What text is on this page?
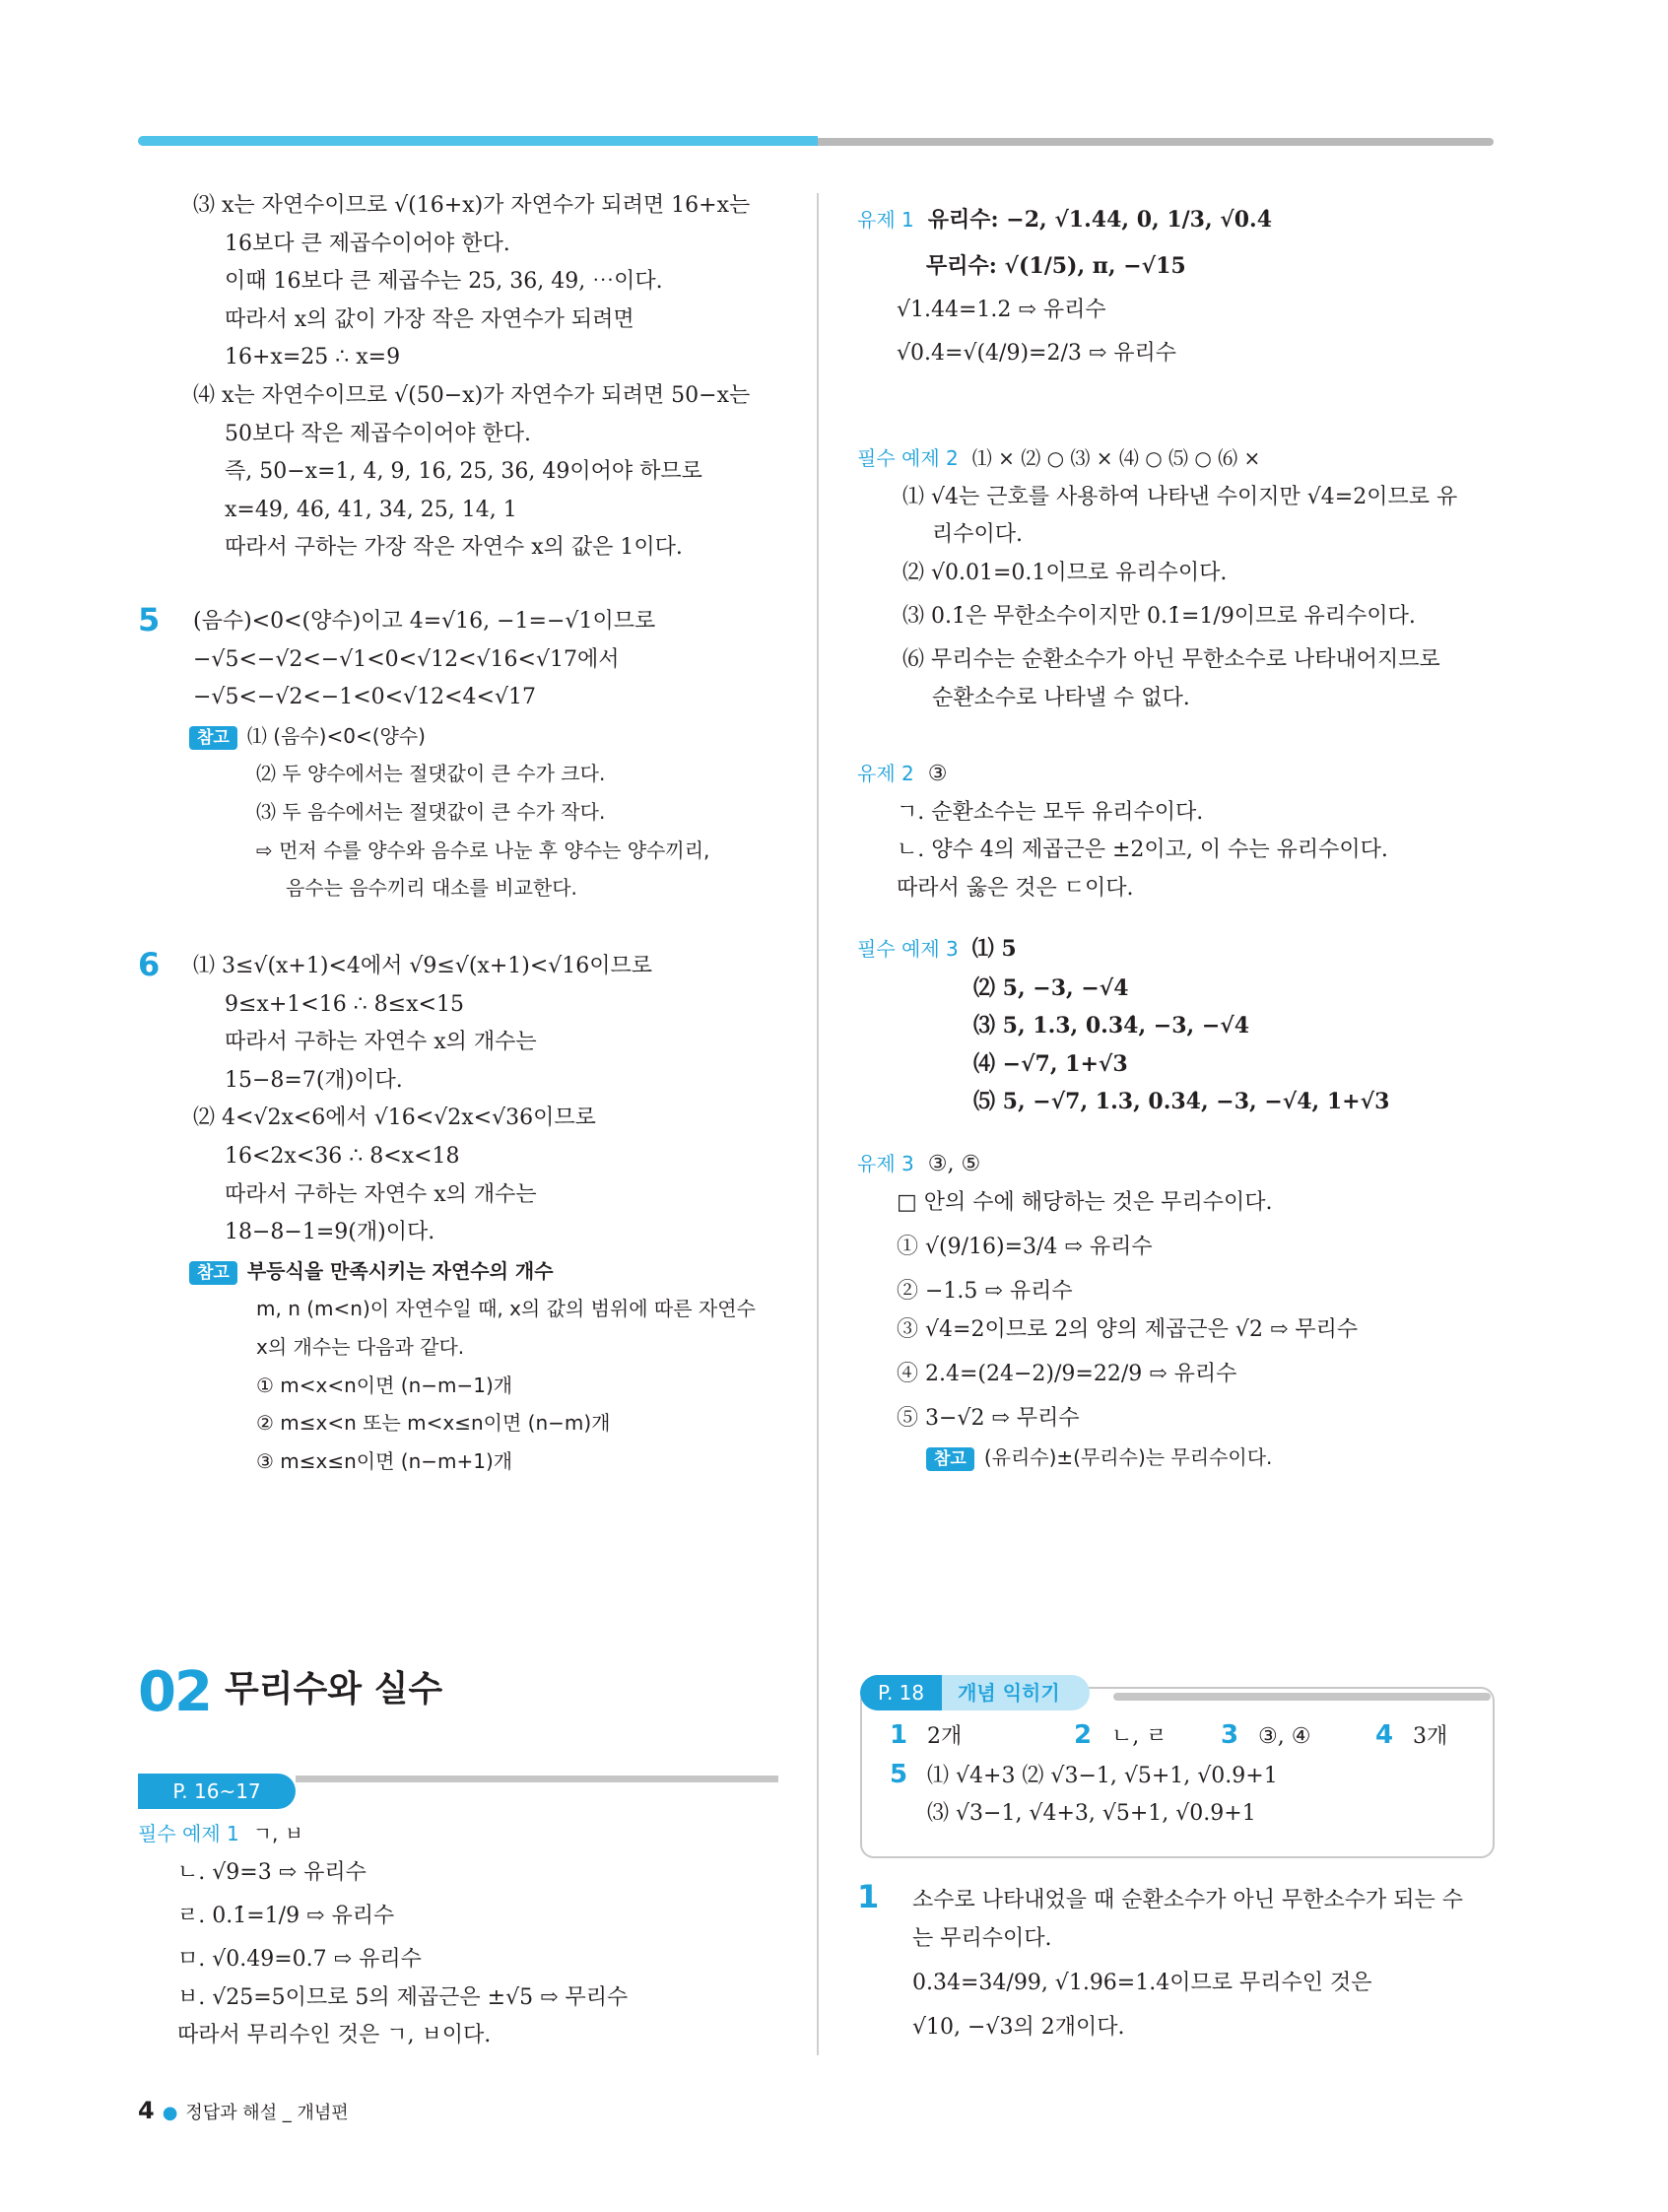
⑶ x는 자연수이므로 √(16+x)가 자연수가 되려면 16+x는
16보다 큰 제곱수이어야 한다.
이때 16보다 큰 제곱수는 25, 36, 49, ⋯이다.
따라서 x의 값이 가장 작은 자연수가 되려면
16+x=25 ∴ x=9
⑷ x는 자연수이므로 √(50−x)가 자연수가 되려면 50−x는
50보다 작은 제곱수이어야 한다.
즉, 50−x=1, 4, 9, 16, 25, 36, 49이어야 하므로
x=49, 46, 41, 34, 25, 14, 1
따라서 구하는 가장 작은 자연수 x의 값은 1이다.
5 (음수)<0<(양수)이고 4=√16, −1=−√1이므로
−√5<−√2<−√1<0<√12<√16<√17에서
−√5<−√2<−1<0<√12<4<√17
참고 ⑴ (음수)<0<(양수)
⑵ 두 양수에서는 절댓값이 큰 수가 크다.
⑶ 두 음수에서는 절댓값이 큰 수가 작다.
⇨ 먼저 수를 양수와 음수로 나눈 후 양수는 양수끼리,
음수는 음수끼리 대소를 비교한다.
6 ⑴ 3≤√(x+1)<4에서 √9≤√(x+1)<√16이므로
9≤x+1<16 ∴ 8≤x<15
따라서 구하는 자연수 x의 개수는
15−8=7(개)이다.
⑵ 4<√2x<6에서 √16<√2x<√36이므로
16<2x<36 ∴ 8<x<18
따라서 구하는 자연수 x의 개수는
18−8−1=9(개)이다.
참고 부등식을 만족시키는 자연수의 개수
m, n (m<n)이 자연수일 때, x의 값의 범위에 따른 자연수
x의 개수는 다음과 같다.
① m<x<n이면 (n−m−1)개
② m≤x<n 또는 m<x≤n이면 (n−m)개
③ m≤x≤n이면 (n−m+1)개
02 무리수와 실수
P. 16~17
필수 예제 1 ㄱ, ㅂ
ㄴ. √9=3 ⇨ 유리수
ㄹ. 0.1̇=1/9 ⇨ 유리수
ㅁ. √0.49=0.7 ⇨ 유리수
ㅂ. √25=5이므로 5의 제곱근은 ±√5 ⇨ 무리수
따라서 무리수인 것은 ㄱ, ㅂ이다.
유제 1 유리수: −2, √1.44, 0, 1/3, √0.4̇
무리수: √(1/5), π, −√15
√1.44=1.2 ⇨ 유리수
√0.4̇=√(4/9)=2/3 ⇨ 유리수
필수 예제 2 ⑴ × ⑵ ○ ⑶ × ⑷ ○ ⑸ ○ ⑹ ×
⑴ √4는 근호를 사용하여 나타낸 수이지만 √4=2이므로 유
리수이다.
⑵ √0.01=0.1이므로 유리수이다.
⑶ 0.1̇은 무한소수이지만 0.1̇=1/9이므로 유리수이다.
⑹ 무리수는 순환소수가 아닌 무한소수로 나타내어지므로
순환소수로 나타낼 수 없다.
유제 2 ③
ㄱ. 순환소수는 모두 유리수이다.
ㄴ. 양수 4의 제곱근은 ±2이고, 이 수는 유리수이다.
따라서 옳은 것은 ㄷ이다.
필수 예제 3 ⑴ 5
⑵ 5, −3, −√4
⑶ 5, 1.3, 0.34̇, −3, −√4
⑷ −√7, 1+√3
⑸ 5, −√7, 1.3, 0.34̇, −3, −√4, 1+√3
유제 3 ③, ⑤
□ 안의 수에 해당하는 것은 무리수이다.
① √(9/16)=3/4 ⇨ 유리수
② −1.5 ⇨ 유리수
③ √4=2이므로 2의 양의 제곱근은 √2 ⇨ 무리수
④ 2.4̇=(24−2)/9=22/9 ⇨ 유리수
⑤ 3−√2 ⇨ 무리수
참고 (유리수)±(무리수)는 무리수이다.
P. 18 개념 익히기
1 2개	2 ㄴ, ㄹ 3 ③, ④	4 3개
5 ⑴ √4+3 ⑵ √3−1, √5+1, √0.9+1
⑶ √3−1, √4+3, √5+1, √0.9+1
1 소수로 나타내었을 때 순환소수가 아닌 무한소수가 되는 수
는 무리수이다.
0.3̇4̇=34/99, √1.96=1.4이므로 무리수인 것은
√10, −√3의 2개이다.
4 ● 정답과 해설 _ 개념편
